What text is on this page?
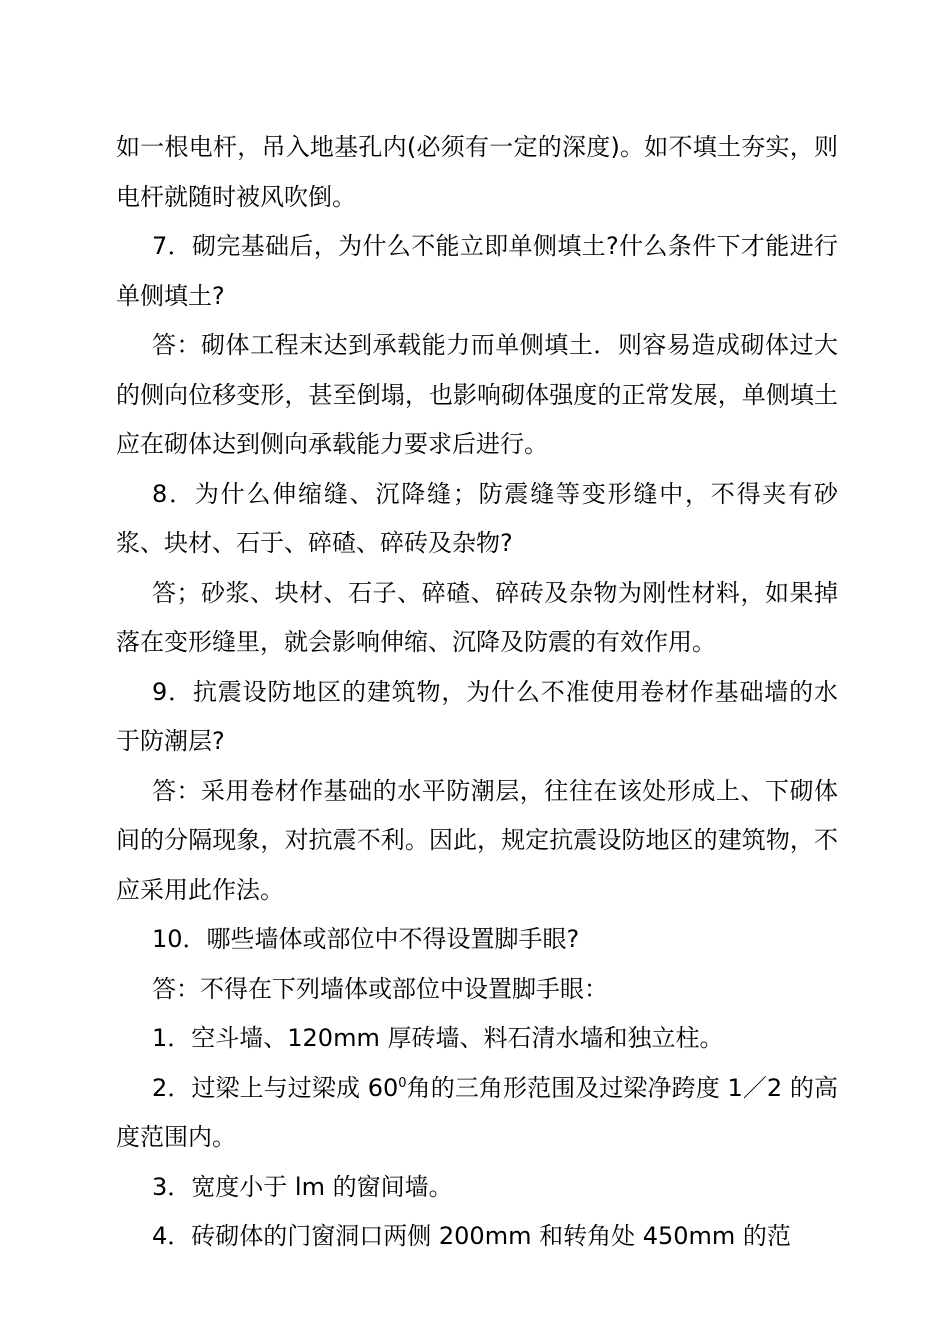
如一根电杆，吊入地基孔内(必须有一定的深度)。如不填土夯实，则电杆就随时被风吹倒。

7．砌完基础后，为什么不能立即单侧填土?什么条件下才能进行单侧填土?

答：砌体工程末达到承载能力而单侧填土．则容易造成砌体过大的侧向位移变形，甚至倒塌，也影响砌体强度的正常发展，单侧填土应在砌体达到侧向承载能力要求后进行。

8．为什么伸缩缝、沉降缝；防震缝等变形缝中，不得夹有砂浆、块材、石于、碎碴、碎砖及杂物?

答；砂浆、块材、石子、碎碴、碎砖及杂物为刚性材料，如果掉落在变形缝里，就会影响伸缩、沉降及防震的有效作用。

9．抗震设防地区的建筑物，为什么不准使用卷材作基础墙的水于防潮层?

答：采用卷材作基础的水平防潮层，往往在该处形成上、下砌体间的分隔现象，对抗震不利。因此，规定抗震设防地区的建筑物，不应采用此作法。

10．哪些墙体或部位中不得设置脚手眼?

答：不得在下列墙体或部位中设置脚手眼：

1．空斗墙、120mm 厚砖墙、料石清水墙和独立柱。

2．过梁上与过梁成 $60^0$角的三角形范围及过梁净跨度 1／2 的高度范围内。

3．宽度小于 lm 的窗间墙。

4．砖砌体的门窗洞口两侧 200mm 和转角处 450mm 的范
